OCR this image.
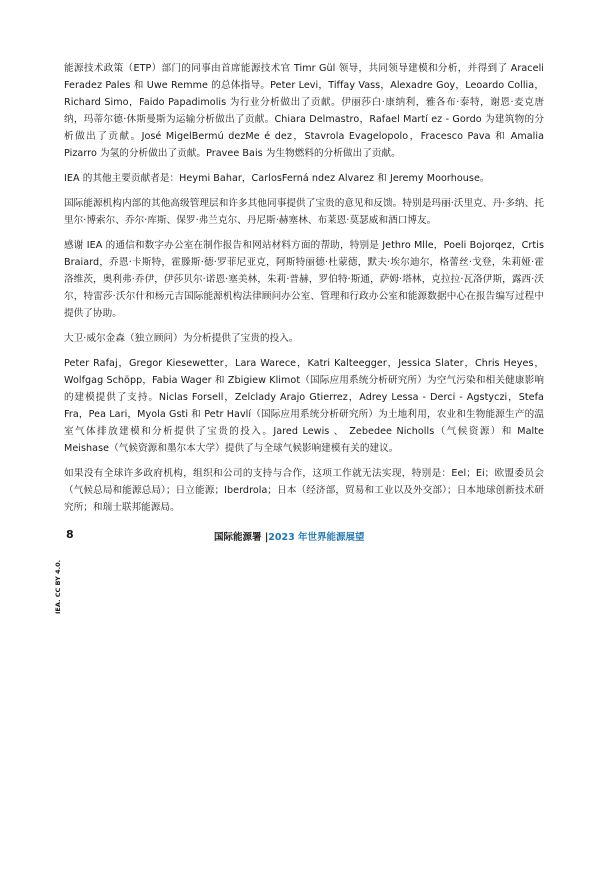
能源技术政策（ETP）部门的同事由首席能源技术官 Timr Gül 领导，共同领导建模和分析，并得到了 Araceli Feradez Pales 和 Uwe Remme 的总体指导。Peter Levi，Tiffay Vass，Alexadre Goy，Leoardo Collia，Richard Simo，Faido Papadimolis 为行业分析做出了贡献。伊丽莎白·康纳利，雅各布·泰特，谢恩·麦克唐纳，玛蒂尔德·休斯曼斯为运输分析做出了贡献。Chiara Delmastro，Rafael Martí ez - Gordo 为建筑物的分析做出了贡献。José MigelBermú dezMe é dez，Stavrola Evagelopolo，Fracesco Pava 和 Amalia Pizarro 为氢的分析做出了贡献。Pravee Bais 为生物燃料的分析做出了贡献。

IEA 的其他主要贡献者是：Heymi Bahar，CarlosFerná ndez Alvarez 和 Jeremy Moorhouse。

国际能源机构内部的其他高级管理层和许多其他同事提供了宝贵的意见和反馈。特别是玛丽·沃里克、丹·多纳、托里尔·博索尔、乔尔·库斯、保罗·弗兰克尔、丹尼斯·赫塞林、布莱恩·莫瑟威和酒口博友。

感谢 IEA 的通信和数字办公室在制作报告和网站材料方面的帮助，特别是 Jethro Mlle，Poeli Bojorqez，Crtis Braiard，乔恩·卡斯特，霍滕斯·德·罗菲尼亚克，阿斯特丽德·杜蒙德，默夫·埃尔迪尔，格蕾丝·戈登，朱莉娅·霍洛维茨，奥利弗·乔伊，伊莎贝尔·诺恩·塞美林，朱莉·普赫，罗伯特·斯通，萨姆·塔林，克拉拉·瓦洛伊斯，露西·沃尔，特雷莎·沃尔什和杨元吉国际能源机构法律顾问办公室、管理和行政办公室和能源数据中心在报告编写过程中提供了协助。

大卫·威尔金森（独立顾问）为分析提供了宝贵的投入。

Peter Rafaj，Gregor Kiesewetter，Lara Warece，Katri Kalteegger，Jessica Slater，Chris Heyes，Wolfgag Schöpp，Fabia Wager 和 Zbigiew Klimot（国际应用系统分析研究所）为空气污染和相关健康影响的建模提供了支持。Niclas Forsell，Zelclady Arajo Gtierrez，Adrey Lessa - Derci - Agstyczi，Stefa Fra，Pea Lari，Myola Gsti 和 Petr Havlí（国际应用系统分析研究所）为土地利用，农业和生物能源生产的温室气体排放建模和分析提供了宝贵的投入。Jared Lewis 、 Zebedee Nicholls（气候资源）和 Malte Meishase（气候资源和墨尔本大学）提供了与全球气候影响建模有关的建议。

如果没有全球许多政府机构，组织和公司的支持与合作，这项工作就无法实现，特别是：Eel；Ei；欧盟委员会（气候总局和能源总局）；日立能源；Iberdrola；日本（经济部，贸易和工业以及外交部）；日本地球创新技术研究所；和瑞士联邦能源局。

8	国际能源署 |2023 年世界能源展望
IEA. CC BY 4.0.
